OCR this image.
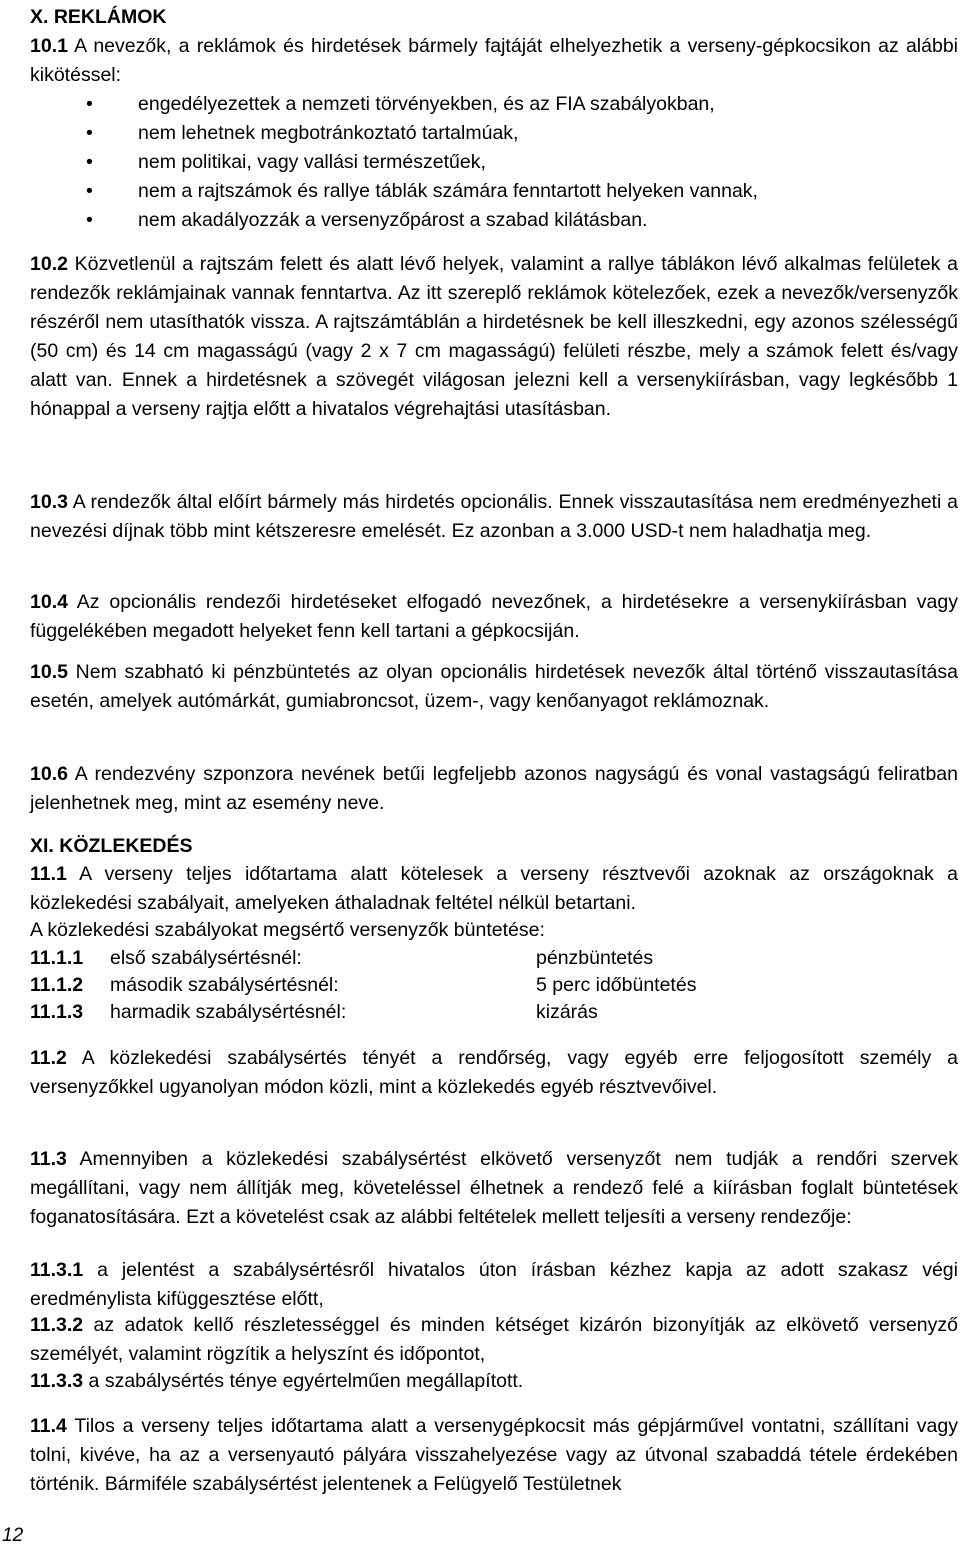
X. REKLÁMOK
10.1 A nevezők, a reklámok és hirdetések bármely fajtáját elhelyezhetik a verseny-gépkocsikon az alábbi kikötéssel:
• engedélyezettek a nemzeti törvényekben, és az FIA szabályokban,
• nem lehetnek megbotránkoztató tartalmúak,
• nem politikai, vagy vallási természetűek,
• nem a rajtszámok és rallye táblák számára fenntartott helyeken vannak,
• nem akadályozzák a versenyzőpárost a szabad kilátásban.
10.2 Közvetlenül a rajtszám felett és alatt lévő helyek, valamint a rallye táblákon lévő alkalmas felületek a rendezők reklámjainak vannak fenntartva. Az itt szereplő reklámok kötelezőek, ezek a nevezők/versenyzők részéről nem utasíthatók vissza. A rajtszámtáblán a hirdetésnek be kell illeszkedni, egy azonos szélességű (50 cm) és 14 cm magasságú (vagy 2 x 7 cm magasságú) felületi részbe, mely a számok felett és/vagy alatt van. Ennek a hirdetésnek a szövegét világosan jelezni kell a versenykiírásban, vagy legkésőbb 1 hónappal a verseny rajtja előtt a hivatalos végrehajtási utasításban.
10.3 A rendezők által előírt bármely más hirdetés opcionális. Ennek visszautasítása nem eredményezheti a nevezési díjnak több mint kétszeresre emelését. Ez azonban a 3.000 USD-t nem haladhatja meg.
10.4 Az opcionális rendezői hirdetéseket elfogadó nevezőnek, a hirdetésekre a versenykiírásban vagy függelékében megadott helyeket fenn kell tartani a gépkocsiján.
10.5 Nem szabható ki pénzbüntetés az olyan opcionális hirdetések nevezők által történő visszautasítása esetén, amelyek autómárkát, gumiabroncsot, üzem-, vagy kenőanyagot reklámoznak.
10.6 A rendezvény szponzora nevének betűi legfeljebb azonos nagyságú és vonal vastagságú feliratban jelenhetnek meg, mint az esemény neve.
XI. KÖZLEKEDÉS
11.1 A verseny teljes időtartama alatt kötelesek a verseny résztvevői azoknak az országoknak a közlekedési szabályait, amelyeken áthaladnak feltétel nélkül betartani.
A közlekedési szabályokat megsértő versenyzők büntetése:
11.1.1 első szabálysértésnél:	pénzbüntetés
11.1.2 második szabálysértésnél:	5 perc időbüntetés
11.1.3 harmadik szabálysértésnél:	kizárás
11.2 A közlekedési szabálysértés tényét a rendőrség, vagy egyéb erre feljogosított személy a versenyzőkkel ugyanolyan módon közli, mint a közlekedés egyéb résztvevőivel.
11.3 Amennyiben a közlekedési szabálysértést elkövető versenyzőt nem tudják a rendőri szervek megállítani, vagy nem állítják meg, követeléssel élhetnek a rendező felé a kiírásban foglalt büntetések foganatosítására. Ezt a követelést csak az alábbi feltételek mellett teljesíti a verseny rendezője:
11.3.1 a jelentést a szabálysértésről hivatalos úton írásban kézhez kapja az adott szakasz végi eredménylista kifüggesztése előtt,
11.3.2 az adatok kellő részletességgel és minden kétséget kizárón bizonyítják az elkövető versenyző személyét, valamint rögzítik a helyszínt és időpontot,
11.3.3 a szabálysértés ténye egyértelműen megállapított.
11.4 Tilos a verseny teljes időtartama alatt a versenygépkocsit más gépjárművel vontatni, szállítani vagy tolni, kivéve, ha az a versenyautó pályára visszahelyezése vagy az útvonal szabaddá tétele érdekében történik. Bármiféle szabálysértést jelentenek a Felügyelő Testületnek
12
